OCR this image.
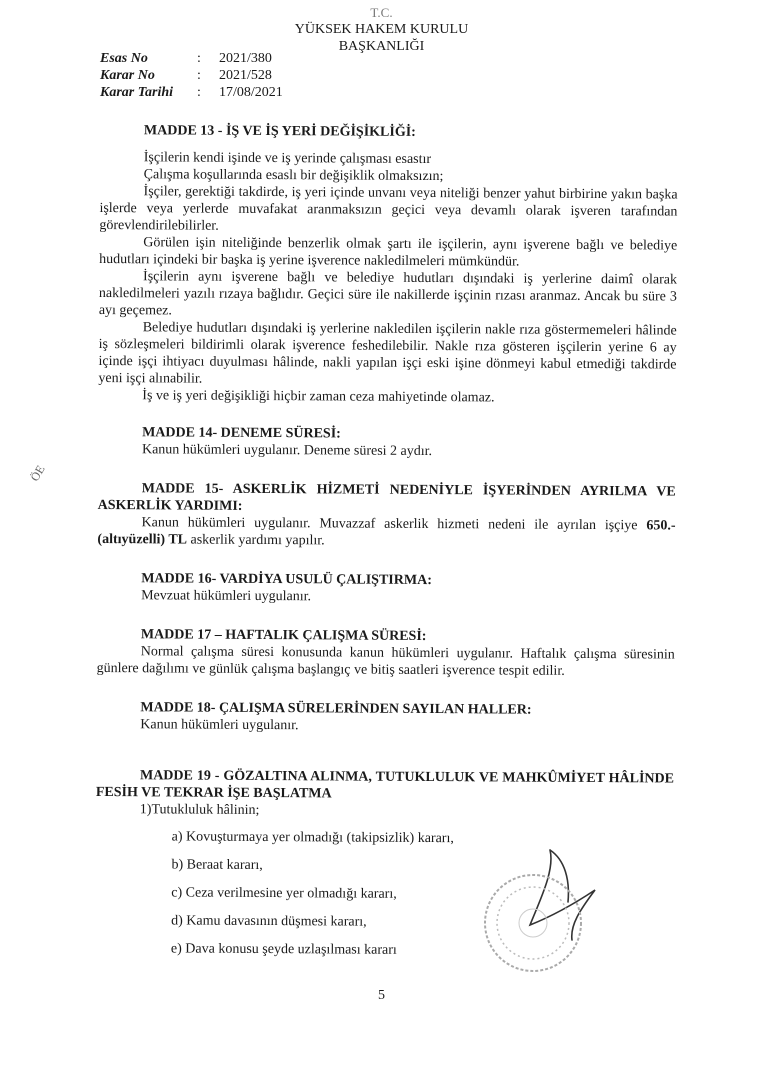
T.C.
YÜKSEK HAKEM KURULU
BAŞKANLIĞI
Esas No	:	2021/380
Karar No	:	2021/528
Karar Tarihi	:	17/08/2021
MADDE 13 - İŞ VE İŞ YERİ DEĞİŞİKLİĞİ:

İşçilerin kendi işinde ve iş yerinde çalışması esastır

Çalışma koşullarında esaslı bir değişiklik olmaksızın;

İşçiler, gerektiği takdirde, iş yeri içinde unvanı veya niteliği benzer yahut birbirine yakın başka işlerde veya yerlerde muvafakat aranmaksızın geçici veya devamlı olarak işveren tarafından görevlendirilebilirler.

Görülen işin niteliğinde benzerlik olmak şartı ile işçilerin, aynı işverene bağlı ve belediye hudutları içindeki bir başka iş yerine işverence nakledilmeleri mümkündür.

İşçilerin aynı işverene bağlı ve belediye hudutları dışındaki iş yerlerine daimî olarak nakledilmeleri yazılı rızaya bağlıdır. Geçici süre ile nakillerde işçinin rızası aranmaz. Ancak bu süre 3 ayı geçemez.

Belediye hudutları dışındaki iş yerlerine nakledilen işçilerin nakle rıza göstermemeleri hâlinde iş sözleşmeleri bildirimli olarak işverence feshedilebilir. Nakle rıza gösteren işçilerin yerine 6 ay içinde işçi ihtiyacı duyulması hâlinde, nakli yapılan işçi eski işine dönmeyi kabul etmediği takdirde yeni işçi alınabilir.

İş ve iş yeri değişikliği hiçbir zaman ceza mahiyetinde olamaz.

MADDE 14- DENEME SÜRESİ:

Kanun hükümleri uygulanır. Deneme süresi 2 aydır.

MADDE 15- ASKERLİK HİZMETİ NEDENİYLE İŞYERİNDEN AYRILMA VE ASKERLİK YARDIMI:

Kanun hükümleri uygulanır. Muvazzaf askerlik hizmeti nedeni ile ayrılan işçiye 650.-(altıyüzelli) TL askerlik yardımı yapılır.

MADDE 16- VARDİYA USULÜ ÇALIŞTIRMA:

Mevzuat hükümleri uygulanır.

MADDE 17 – HAFTALIK ÇALIŞMA SÜRESİ:

Normal çalışma süresi konusunda kanun hükümleri uygulanır. Haftalık çalışma süresinin günlere dağılımı ve günlük çalışma başlangıç ve bitiş saatleri işverence tespit edilir.

MADDE 18- ÇALIŞMA SÜRELERİNDEN SAYILAN HALLER:

Kanun hükümleri uygulanır.

MADDE 19 - GÖZALTINA ALINMA, TUTUKLULUK VE MAHKÛMİYET HÂLİNDE FESİH VE TEKRAR İŞE BAŞLATMA

1)Tutukluluk hâlinin;

a) Kovuşturmaya yer olmadığı (takipsizlik) kararı,

b) Beraat kararı,

c) Ceza verilmesine yer olmadığı kararı,

d) Kamu davasının düşmesi kararı,

e) Dava konusu şeyde uzlaşılması kararı

ÖE
5
